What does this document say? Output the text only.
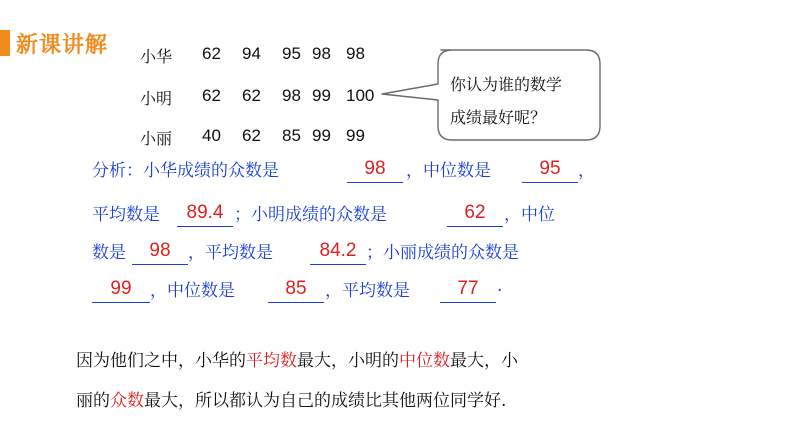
新课讲解 小华	62 94 95 98 98
小明	62 62 98 99 100
小丽	40 62 85 99 99
你认为谁的数学
成绩最好呢？
分析：小华成绩的众数是	98	，中位数是	95	，
平均数是	89.4 ；小明成绩的众数是	62	，中位
数是	98	，平均数是	84.2 ；小丽成绩的众数是
99	，中位数是	85	，平均数是	77	.
因为他们之中，小华的平均数最大，小明的中位数最大，小
丽的众数最大，所以都认为自己的成绩比其他两位同学好.
